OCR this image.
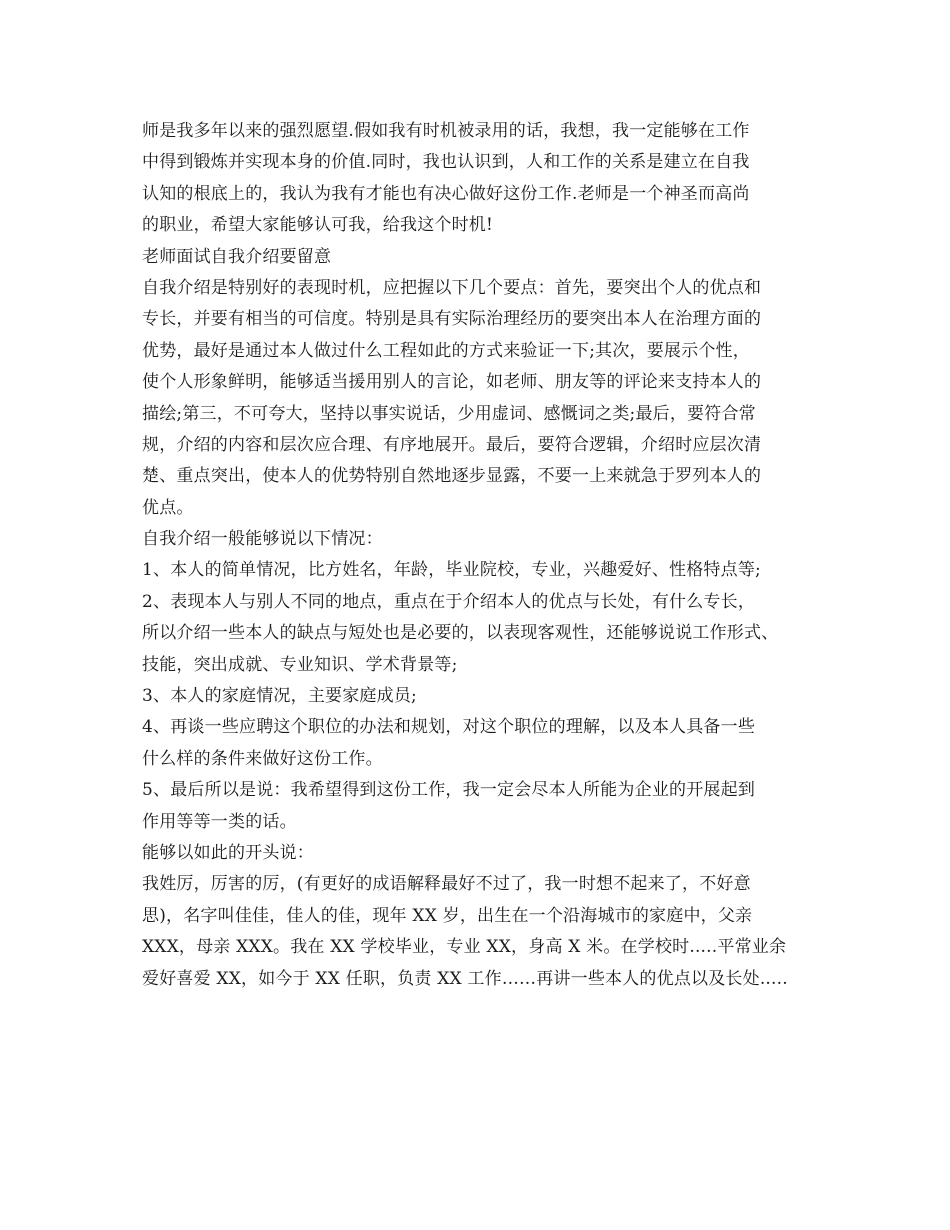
师是我多年以来的强烈愿望.假如我有时机被录用的话，我想，我一定能够在工作
中得到锻炼并实现本身的价值.同时，我也认识到，人和工作的关系是建立在自我
认知的根底上的，我认为我有才能也有决心做好这份工作.老师是一个神圣而高尚
的职业，希望大家能够认可我，给我这个时机!
老师面试自我介绍要留意
自我介绍是特别好的表现时机，应把握以下几个要点：首先，要突出个人的优点和
专长，并要有相当的可信度。特别是具有实际治理经历的要突出本人在治理方面的
优势，最好是通过本人做过什么工程如此的方式来验证一下;其次，要展示个性，
使个人形象鲜明，能够适当援用别人的言论，如老师、朋友等的评论来支持本人的
描绘;第三，不可夸大，坚持以事实说话，少用虚词、感慨词之类;最后，要符合常
规，介绍的内容和层次应合理、有序地展开。最后，要符合逻辑，介绍时应层次清
楚、重点突出，使本人的优势特别自然地逐步显露，不要一上来就急于罗列本人的
优点。
自我介绍一般能够说以下情况：
1、本人的简单情况，比方姓名，年龄，毕业院校，专业，兴趣爱好、性格特点等;
2、表现本人与别人不同的地点，重点在于介绍本人的优点与长处，有什么专长，
所以介绍一些本人的缺点与短处也是必要的，以表现客观性，还能够说说工作形式、
技能，突出成就、专业知识、学术背景等;
3、本人的家庭情况，主要家庭成员;
4、再谈一些应聘这个职位的办法和规划，对这个职位的理解，以及本人具备一些
什么样的条件来做好这份工作。
5、最后所以是说：我希望得到这份工作，我一定会尽本人所能为企业的开展起到
作用等等一类的话。
能够以如此的开头说：
我姓厉，厉害的厉，(有更好的成语解释最好不过了，我一时想不起来了，不好意
思)，名字叫佳佳，佳人的佳，现年 XX 岁，出生在一个沿海城市的家庭中，父亲
XXX，母亲 XXX。我在 XX 学校毕业，专业 XX，身高 X 米。在学校时.....平常业余
爱好喜爱 XX，如今于 XX 任职，负责 XX 工作……再讲一些本人的优点以及长处.....
